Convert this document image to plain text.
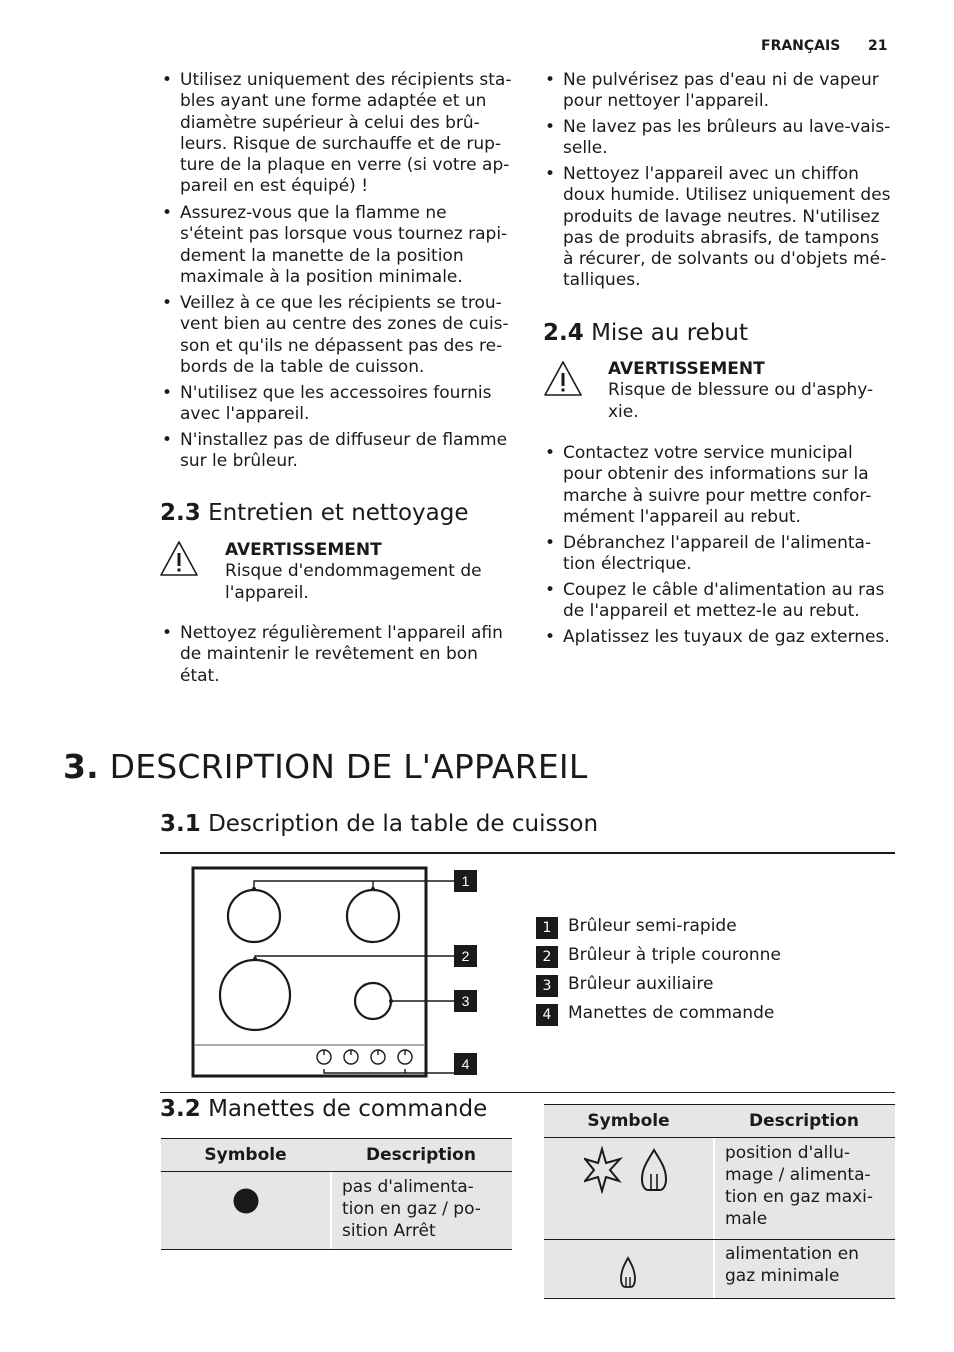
FRANÇAIS 21
• Utilisez uniquement des récipients sta-
bles ayant une forme adaptée et un
diamètre supérieur à celui des brû-
leurs. Risque de surchauffe et de rup-
ture de la plaque en verre (si votre ap-
pareil en est équipé) !
• Assurez-vous que la flamme ne
s'éteint pas lorsque vous tournez rapi-
dement la manette de la position
maximale à la position minimale.
• Veillez à ce que les récipients se trou-
vent bien au centre des zones de cuis-
son et qu'ils ne dépassent pas des re-
bords de la table de cuisson.
• N'utilisez que les accessoires fournis
avec l'appareil.
• N'installez pas de diffuseur de flamme
sur le brûleur.
2.3 Entretien et nettoyage
AVERTISSEMENT
Risque d'endommagement de
l'appareil.
• Nettoyez régulièrement l'appareil afin
de maintenir le revêtement en bon
état.
• Ne pulvérisez pas d'eau ni de vapeur
pour nettoyer l'appareil.
• Ne lavez pas les brûleurs au lave-vais-
selle.
• Nettoyez l'appareil avec un chiffon
doux humide. Utilisez uniquement des
produits de lavage neutres. N'utilisez
pas de produits abrasifs, de tampons
à récurer, de solvants ou d'objets mé-
talliques.
2.4 Mise au rebut
AVERTISSEMENT
Risque de blessure ou d'asphy-
xie.
• Contactez votre service municipal
pour obtenir des informations sur la
marche à suivre pour mettre confor-
mément l'appareil au rebut.
• Débranchez l'appareil de l'alimenta-
tion électrique.
• Coupez le câble d'alimentation au ras
de l'appareil et mettez-le au rebut.
• Aplatissez les tuyaux de gaz externes.
3. DESCRIPTION DE L'APPAREIL
3.1 Description de la table de cuisson
1
2
3
4
1 Brûleur semi-rapide
2 Brûleur à triple couronne
3 Brûleur auxiliaire
4 Manettes de commande
3.2 Manettes de commande
Symbole	Description
pas d'alimenta-
tion en gaz / po-
sition Arrêt
Symbole	Description
position d'allu-
mage / alimenta-
tion en gaz maxi-
male
alimentation en
gaz minimale
